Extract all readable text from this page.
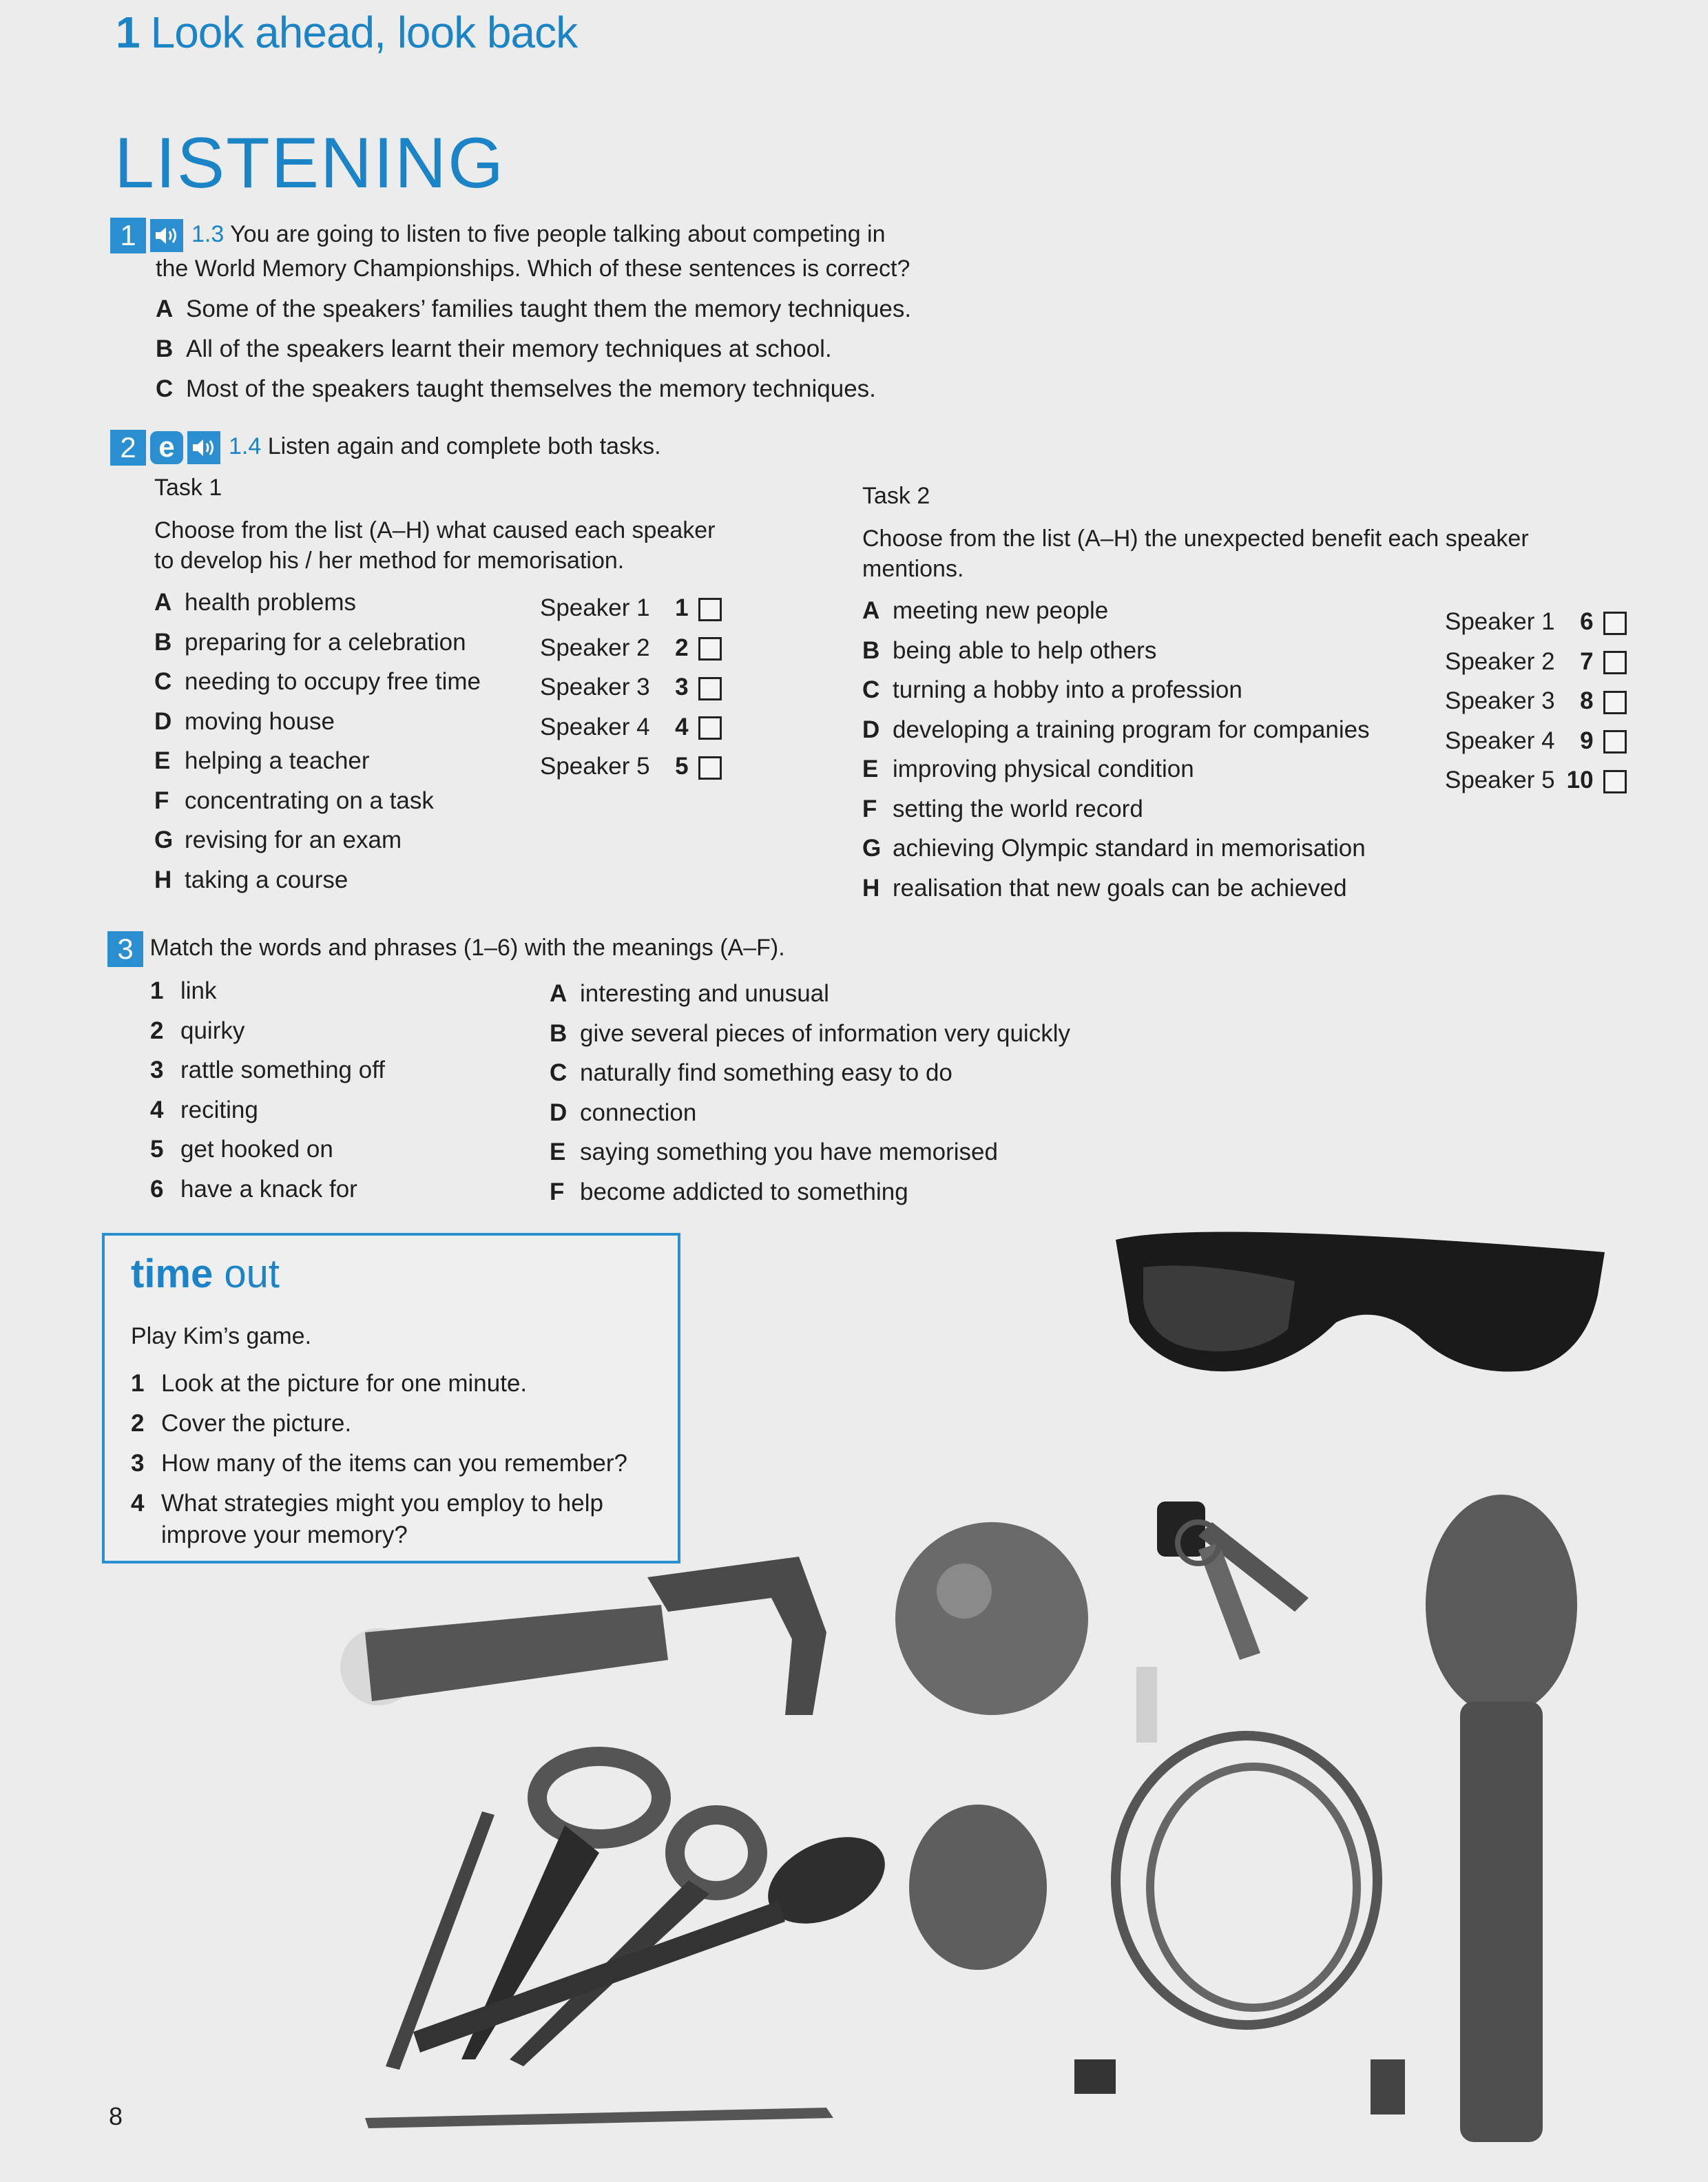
1 Look ahead, look back
LISTENING
1 1.3 You are going to listen to five people talking about competing in
the World Memory Championships. Which of these sentences is correct?
A Some of the speakers’ families taught them the memory techniques.
B All of the speakers learnt their memory techniques at school.
C Most of the speakers taught themselves the memory techniques.
2 e 1.4 Listen again and complete both tasks.
Task 1
Choose from the list (A–H) what caused each speaker
to develop his / her method for memorisation.
A health problems
B preparing for a celebration
C needing to occupy free time
D moving house
E helping a teacher
F concentrating on a task
G revising for an exam
H taking a course
Speaker 1 1
Speaker 2 2
Speaker 3 3
Speaker 4 4
Speaker 5 5
Task 2
Choose from the list (A–H) the unexpected benefit each speaker
mentions.
A meeting new people
B being able to help others
C turning a hobby into a profession
D developing a training program for companies
E improving physical condition
F setting the world record
G achieving Olympic standard in memorisation
H realisation that new goals can be achieved
Speaker 1 6
Speaker 2 7
Speaker 3 8
Speaker 4 9
Speaker 5 10
3 Match the words and phrases (1–6) with the meanings (A–F).
1 link
2 quirky
3 rattle something off
4 reciting
5 get hooked on
6 have a knack for
A interesting and unusual
B give several pieces of information very quickly
C naturally find something easy to do
D connection
E saying something you have memorised
F become addicted to something
time out
Play Kim’s game.
1 Look at the picture for one minute.
2 Cover the picture.
3 How many of the items can you remember?
4 What strategies might you employ to help
improve your memory?
8
